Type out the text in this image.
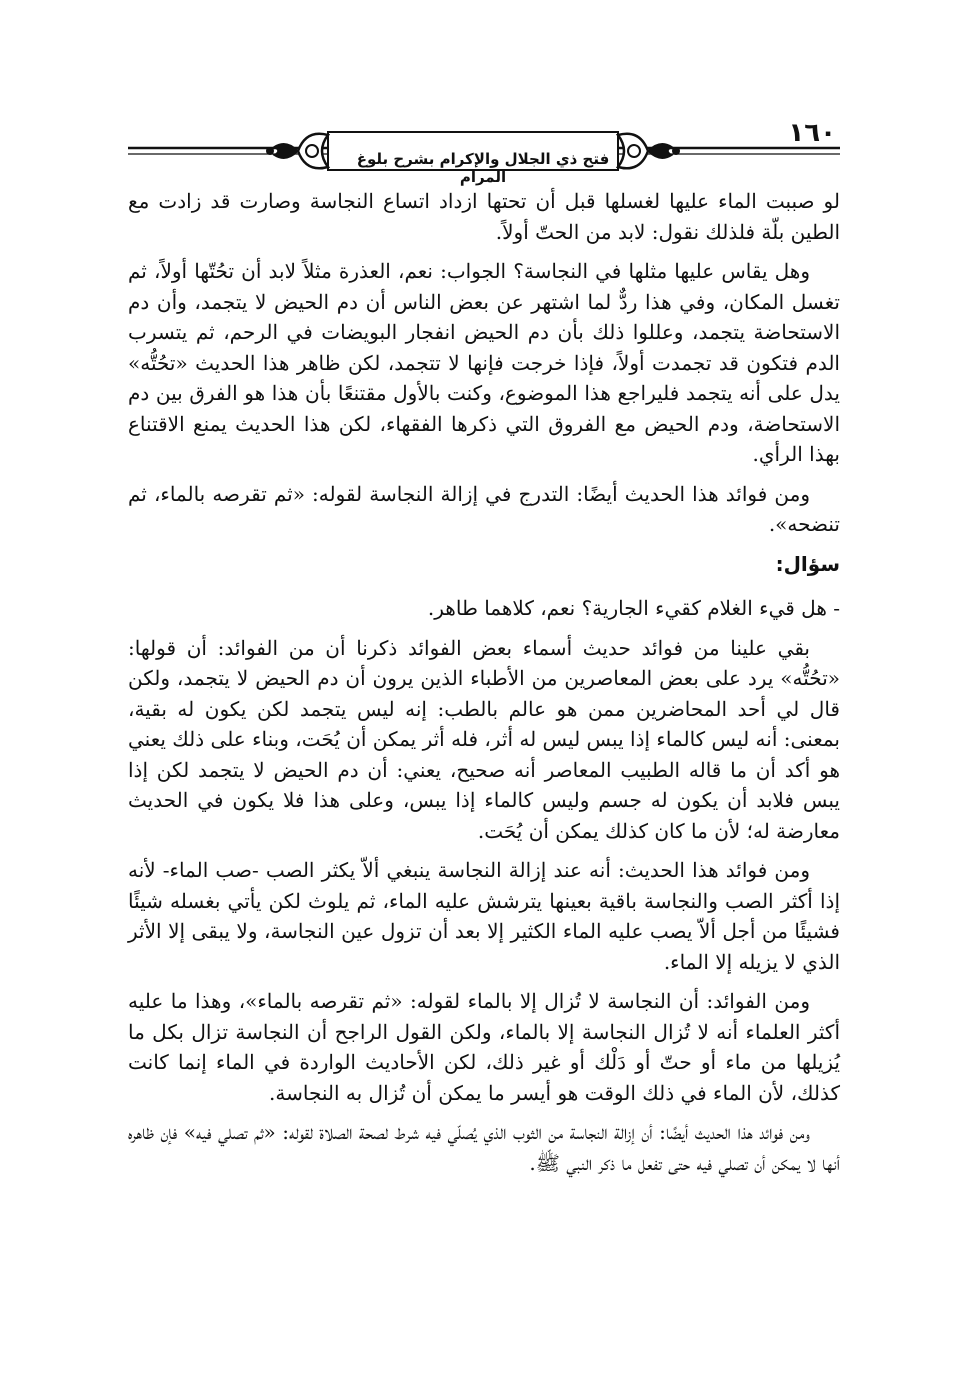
١٦٠
فتح ذي الجلال والإكرام بشرح بلوغ المرام

لو صببت الماء عليها لغسلها قبل أن تحتها ازداد اتساع النجاسة وصارت قد زادت مع الطين بلّة فلذلك نقول: لابد من الحتّ أولاً.

وهل يقاس عليها مثلها في النجاسة؟ الجواب: نعم، العذرة مثلاً لابد أن تحُتّها أولاً، ثم تغسل المكان، وفي هذا ردٌّ لما اشتهر عن بعض الناس أن دم الحيض لا يتجمد، وأن دم الاستحاضة يتجمد، وعللوا ذلك بأن دم الحيض انفجار البويضات في الرحم، ثم يتسرب الدم فتكون قد تجمدت أولاً، فإذا خرجت فإنها لا تتجمد، لكن ظاهر هذا الحديث «تحُتُّه» يدل على أنه يتجمد فليراجع هذا الموضوع، وكنت بالأول مقتنعًا بأن هذا هو الفرق بين دم الاستحاضة، ودم الحيض مع الفروق التي ذكرها الفقهاء، لكن هذا الحديث يمنع الاقتناع بهذا الرأي.

ومن فوائد هذا الحديث أيضًا: التدرج في إزالة النجاسة لقوله: «ثم تقرصه بالماء، ثم تنضحه».

سؤال:

- هل قيء الغلام كقيء الجارية؟ نعم، كلاهما طاهر.

بقي علينا من فوائد حديث أسماء بعض الفوائد ذكرنا أن من الفوائد: أن قولها: «تحُتُّه» يرد على بعض المعاصرين من الأطباء الذين يرون أن دم الحيض لا يتجمد، ولكن قال لي أحد المحاضرين ممن هو عالم بالطب: إنه ليس يتجمد لكن يكون له بقية، بمعنى: أنه ليس كالماء إذا يبس ليس له أثر، فله أثر يمكن أن يُحَت، وبناء على ذلك يعني هو أكد أن ما قاله الطبيب المعاصر أنه صحيح، يعني: أن دم الحيض لا يتجمد لكن إذا يبس فلابد أن يكون له جسم وليس كالماء إذا يبس، وعلى هذا فلا يكون في الحديث معارضة له؛ لأن ما كان كذلك يمكن أن يُحَت.

ومن فوائد هذا الحديث: أنه عند إزالة النجاسة ينبغي ألاّ يكثر الصب -صب الماء- لأنه إذا أكثر الصب والنجاسة باقية بعينها يترشش عليه الماء، ثم يلوث لكن يأتي بغسله شيئًا فشيئًا من أجل ألاّ يصب عليه الماء الكثير إلا بعد أن تزول عين النجاسة، ولا يبقى إلا الأثر الذي لا يزيله إلا الماء.

ومن الفوائد: أن النجاسة لا تُزال إلا بالماء لقوله: «ثم تقرصه بالماء»، وهذا ما عليه أكثر العلماء أنه لا تُزال النجاسة إلا بالماء، ولكن القول الراجح أن النجاسة تزال بكل ما يُزيلها من ماء أو حتّ أو دَلْك أو غير ذلك، لكن الأحاديث الواردة في الماء إنما كانت كذلك، لأن الماء في ذلك الوقت هو أيسر ما يمكن أن تُزال به النجاسة.

ومن فوائد هذا الحديث أيضًا: أن إزالة النجاسة من الثوب الذي يُصلّي فيه شرط لصحة الصلاة لقوله: «ثم تصلي فيه» فإن ظاهره أنها لا يمكن أن تصلي فيه حتى تفعل ما ذكر النبي ﷺ.
